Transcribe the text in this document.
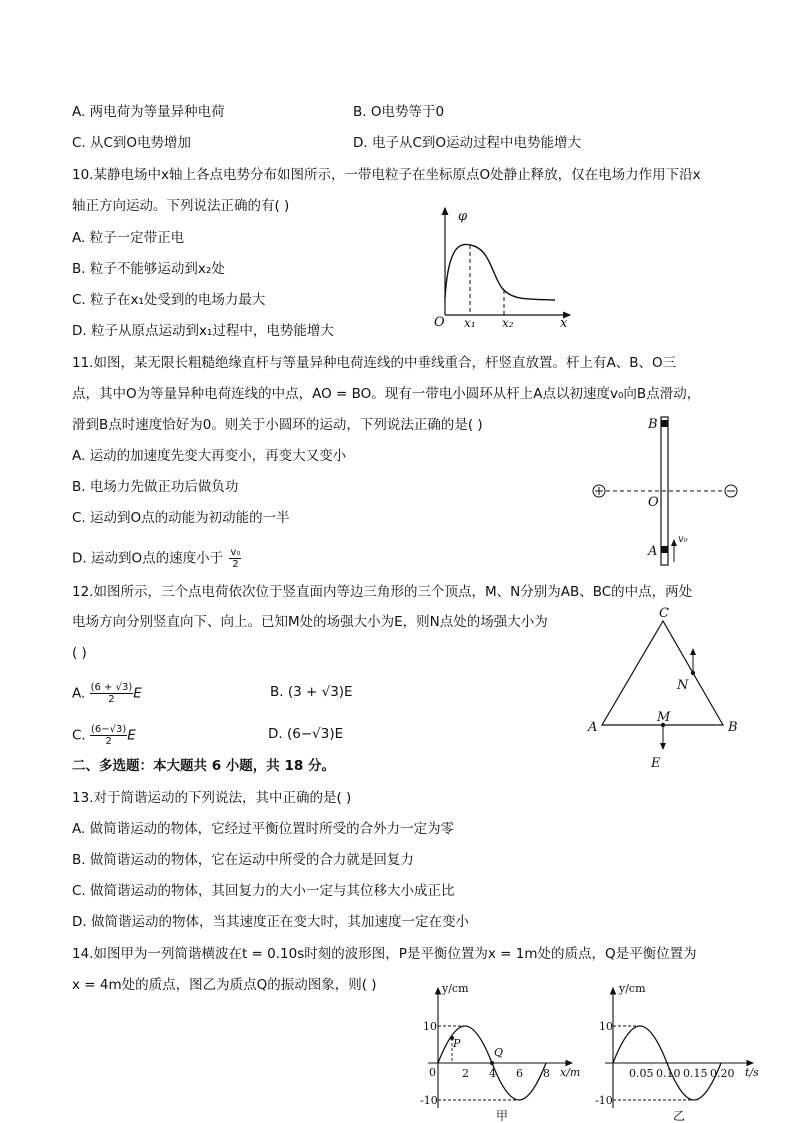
A. 两电荷为等量异种电荷	B. O电势等于0
C. 从C到O电势增加	D. 电子从C到O运动过程中电势能增大
10.某静电场中x轴上各点电势分布如图所示，一带电粒子在坐标原点O处静止释放，仅在电场力作用下沿x
轴正方向运动。下列说法正确的有( )
A. 粒子一定带正电
B. 粒子不能够运动到x₂处
C. 粒子在x₁处受到的电场力最大
D. 粒子从原点运动到x₁过程中，电势能增大
φ
O x₁ x₂	x
11.如图，某无限长粗糙绝缘直杆与等量异种电荷连线的中垂线重合，杆竖直放置。杆上有A、B、O三
点，其中O为等量异种电荷连线的中点，AO = BO。现有一带电小圆环从杆上A点以初速度v₀向B点滑动，
滑到B点时速度恰好为0。则关于小圆环的运动，下列说法正确的是( )
A. 运动的加速度先变大再变小，再变大又变小
B. 电场力先做正功后做负功
C. 运动到O点的动能为初动能的一半
D. 运动到O点的速度小于 $\frac{\text{v₀}}{2}$
B
O
A
v₀
12.如图所示，三个点电荷依次位于竖直面内等边三角形的三个顶点，M、N分别为AB、BC的中点，两处
电场方向分别竖直向下、向上。已知M处的场强大小为E，则N点处的场强大小为
( )
A. $\frac{(6 + √3)}{2}$ E	B. (3 + √3)E
C. $\frac{(6-√3)}{2}$ E	D. (6−√3)E
C
N
A
M
B
E
二、多选题：本大题共 6 小题，共 18 分。
13.对于简谐运动的下列说法，其中正确的是( )
A. 做简谐运动的物体，它经过平衡位置时所受的合外力一定为零
B. 做简谐运动的物体，它在运动中所受的合力就是回复力
C. 做简谐运动的物体，其回复力的大小一定与其位移大小成正比
D. 做简谐运动的物体，当其速度正在变大时，其加速度一定在变小
14.如图甲为一列简谐横波在t = 0.10s时刻的波形图，P是平衡位置为x = 1m处的质点，Q是平衡位置为
x = 4m处的质点，图乙为质点Q的振动图象，则( )	y/cm
x/m
10
-10
0
P
Q
2 4 6 8
甲
y/cm
t/s
10
-10
0.05 0.10 0.15 0.20
乙
